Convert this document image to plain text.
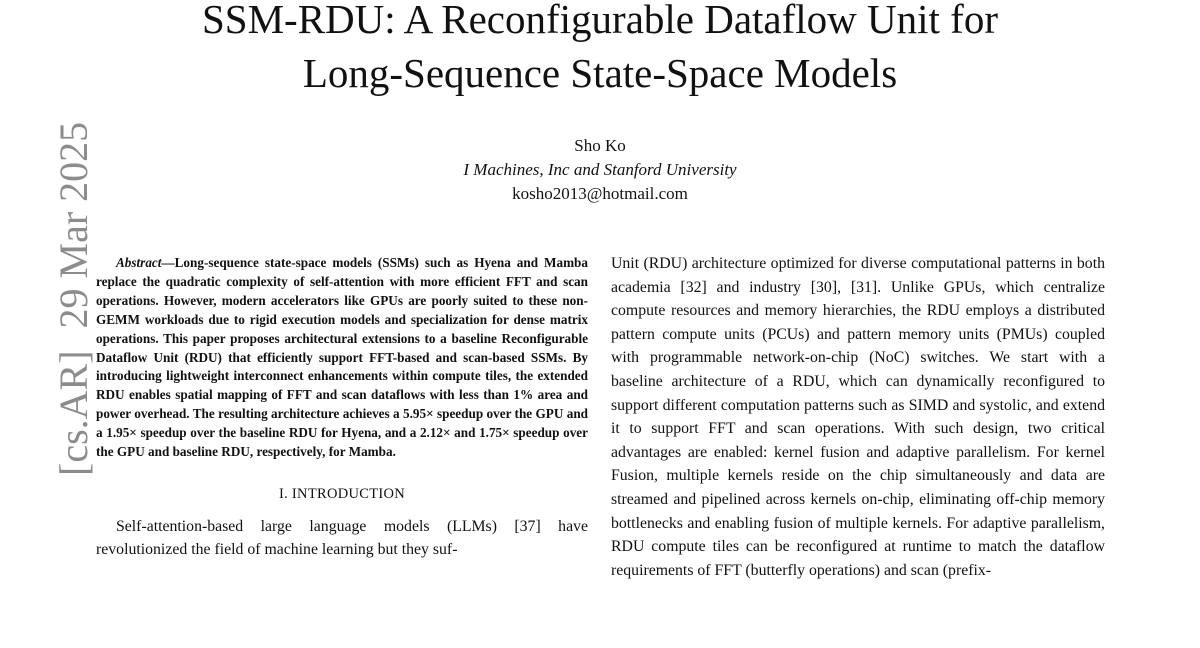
SSM-RDU: A Reconfigurable Dataflow Unit for
Long-Sequence State-Space Models
Sho Ko
I Machines, Inc and Stanford University
kosho2013@hotmail.com
[cs.AR]29 Mar 2025	Abstract—Long-sequence state-space models (SSMs) such as Hyena and Mamba replace the quadratic complexity of self-attention with more efficient FFT and scan operations. However, modern accelerators like GPUs are poorly suited to these non-GEMM workloads due to rigid execution models and specialization for dense matrix operations. This paper proposes architectural extensions to a baseline Reconfigurable Dataflow Unit (RDU) that efficiently support FFT-based and scan-based SSMs. By introducing lightweight interconnect enhancements within compute tiles, the extended RDU enables spatial mapping of FFT and scan dataflows with less than 1% area and power overhead. The resulting architecture achieves a 5.95× speedup over the GPU and a 1.95× speedup over the baseline RDU for Hyena, and a 2.12× and 1.75× speedup over the GPU and baseline RDU, respectively, for Mamba.

I. INTRODUCTION

Self-attention-based large language models (LLMs) [37] have revolutionized the field of machine learning but they suf-

Unit (RDU) architecture optimized for diverse computational patterns in both academia [32] and industry [30], [31]. Unlike GPUs, which centralize compute resources and memory hierarchies, the RDU employs a distributed pattern compute units (PCUs) and pattern memory units (PMUs) coupled with programmable network-on-chip (NoC) switches. We start with a baseline architecture of a RDU, which can dynamically reconfigured to support different computation patterns such as SIMD and systolic, and extend it to support FFT and scan operations. With such design, two critical advantages are enabled: kernel fusion and adaptive parallelism. For kernel Fusion, multiple kernels reside on the chip simultaneously and data are streamed and pipelined across kernels on-chip, eliminating off-chip memory bottlenecks and enabling fusion of multiple kernels. For adaptive parallelism, RDU compute tiles can be reconfigured at runtime to match the dataflow requirements of FFT (butterfly operations) and scan (prefix-
